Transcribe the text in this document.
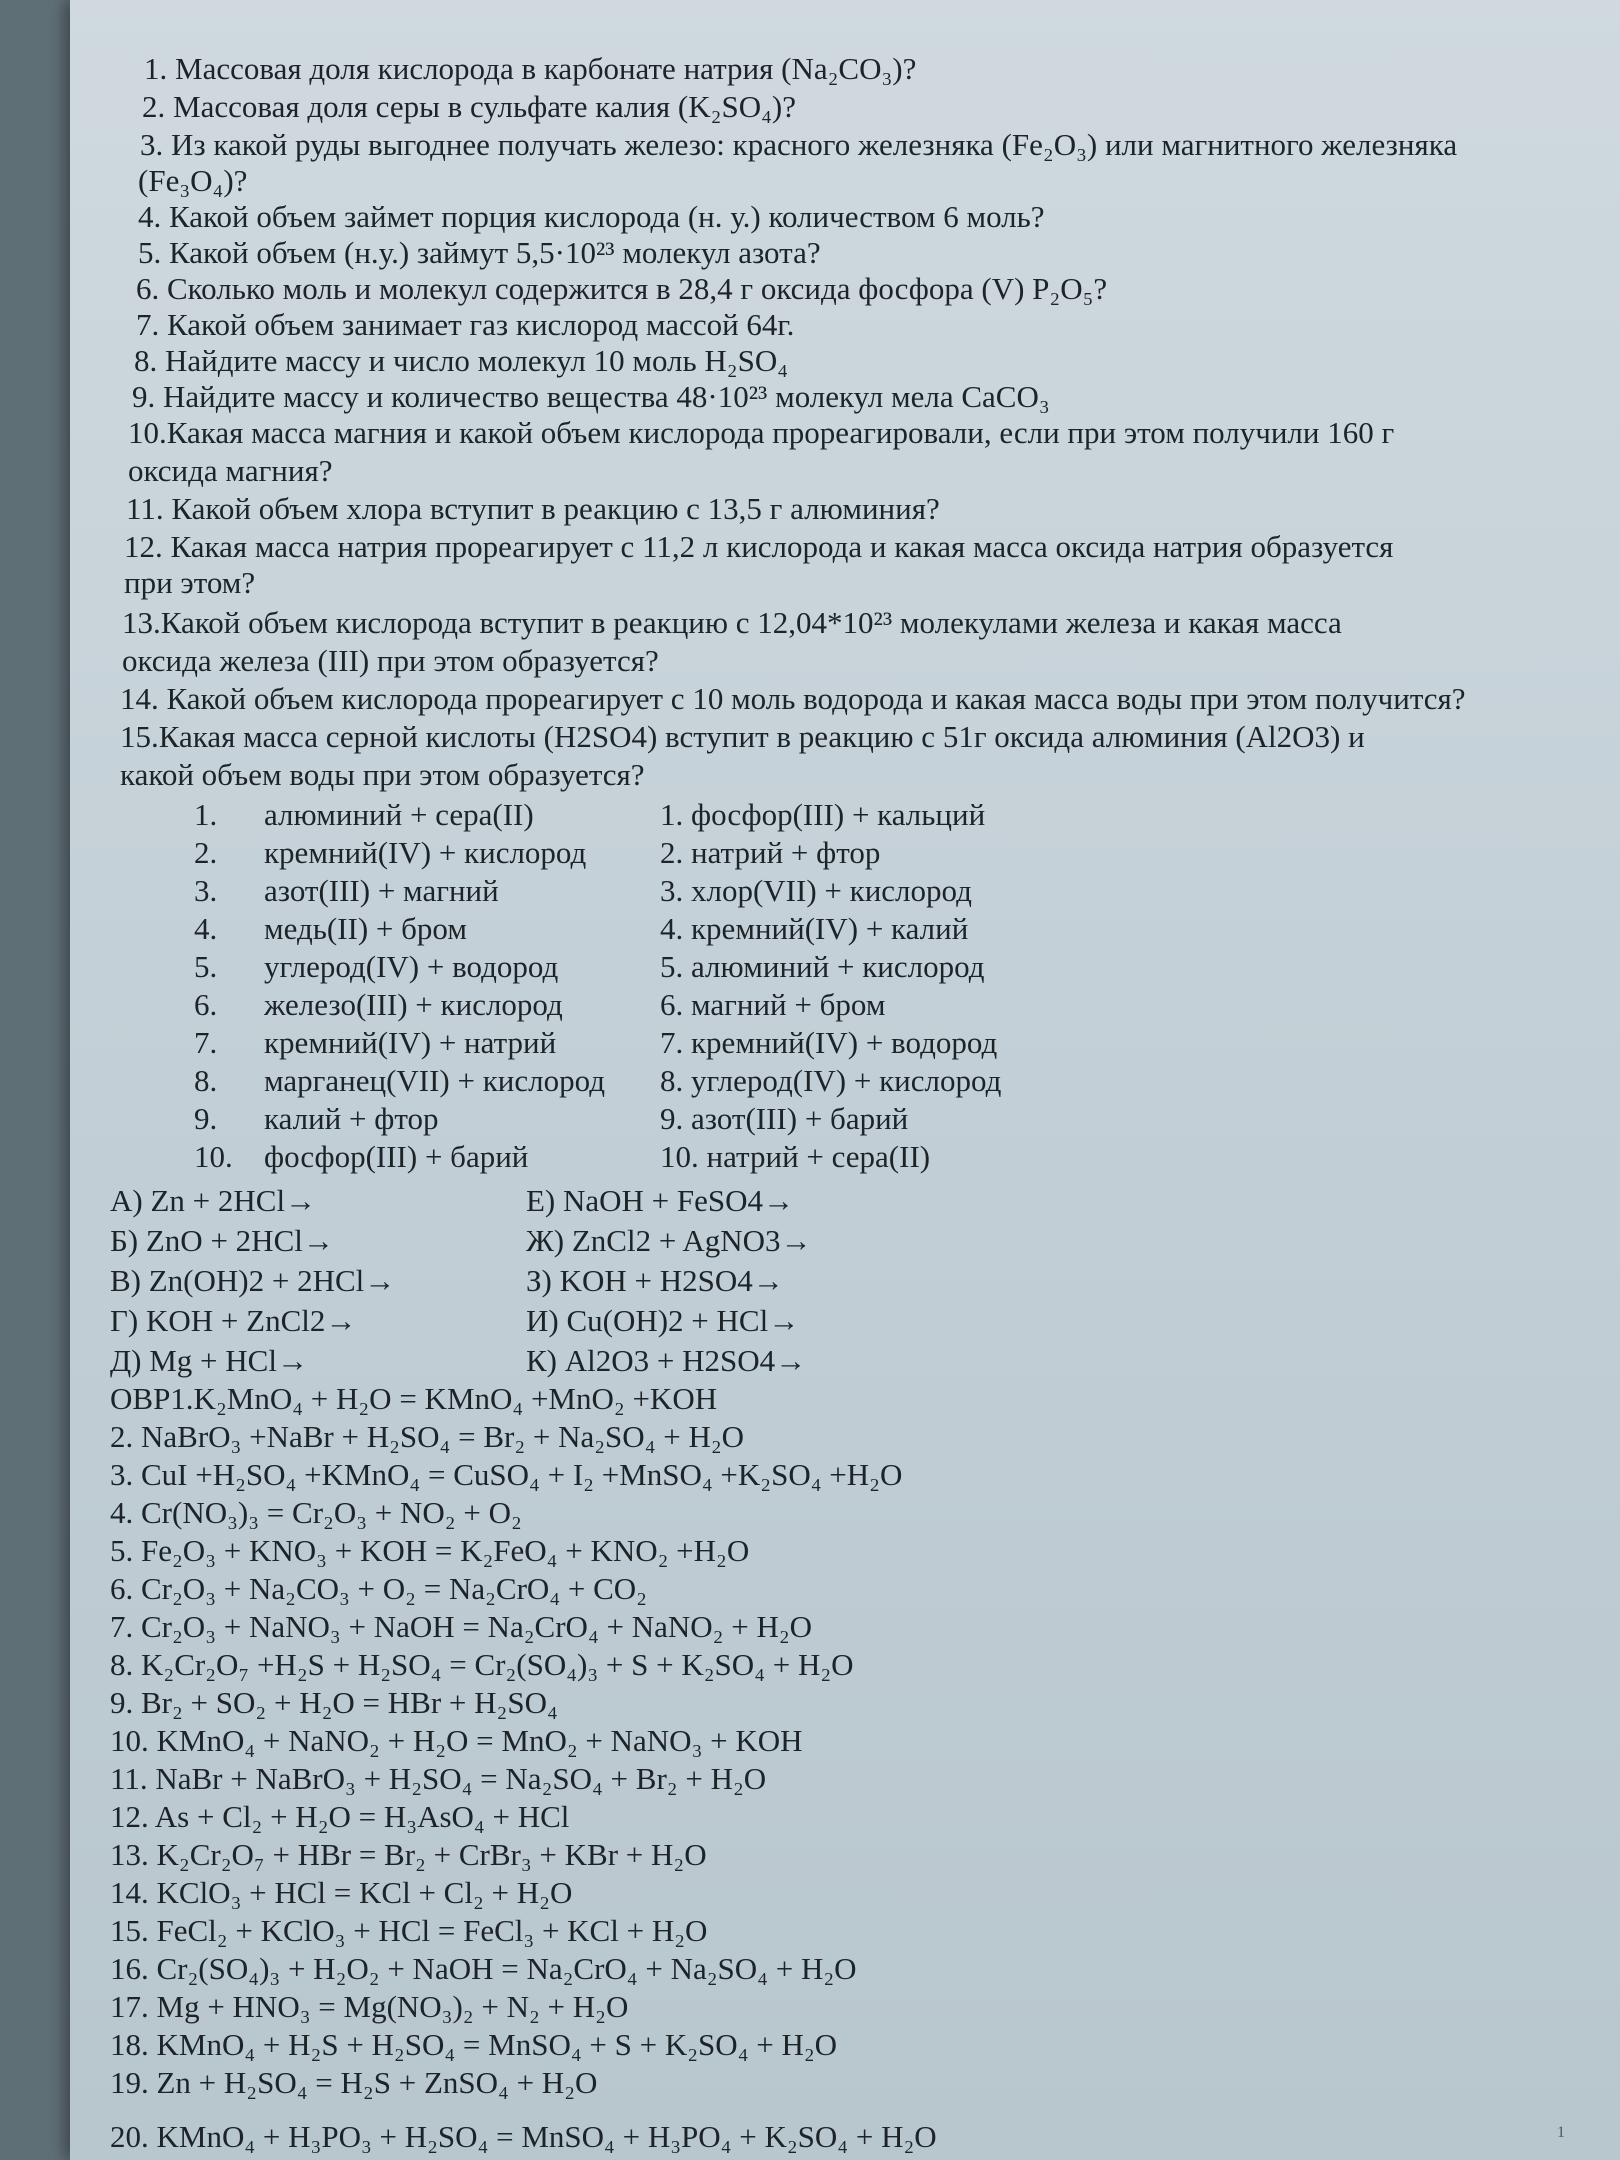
1. Массовая доля кислорода в карбонате натрия (Na₂CO₃)?
2. Массовая доля серы в сульфате калия (K₂SO₄)?
3. Из какой руды выгоднее получать железо: красного железняка (Fe₂O₃) или магнитного железняка
(Fe₃O₄)?
4. Какой объем займет порция кислорода (н. у.) количеством 6 моль?
5. Какой объем (н.у.) займут 5,5·10²³ молекул азота?
6. Сколько моль и молекул содержится в 28,4 г оксида фосфора (V) P₂O₅?
7. Какой объем занимает газ кислород массой 64г.
8. Найдите массу и число молекул 10 моль H₂SO₄
9. Найдите массу и количество вещества 48·10²³ молекул мела CaCO₃
10.Какая масса магния и какой объем кислорода прореагировали, если при этом получили 160 г
оксида магния?
11. Какой объем хлора вступит в реакцию с 13,5 г алюминия?
12. Какая масса натрия прореагирует с 11,2 л кислорода и какая масса оксида натрия образуется
при этом?
13.Какой объем кислорода вступит в реакцию с 12,04*10²³ молекулами железа и какая масса
оксида железа (III) при этом образуется?
14. Какой объем кислорода прореагирует с 10 моль водорода и какая масса воды при этом получится?
15.Какая масса серной кислоты (H2SO4) вступит в реакцию с 51г оксида алюминия (Al2O3) и
какой объем воды при этом образуется?
1. алюминий + сера(II)
2. кремний(IV) + кислород
3. азот(III) + магний
4. медь(II) + бром
5. углерод(IV) + водород
6. железо(III) + кислород
7. кремний(IV) + натрий
8. марганец(VII) + кислород
9. калий + фтор
10. фосфор(III) + барий
1. фосфор(III) + кальций
2. натрий + фтор
3. хлор(VII) + кислород
4. кремний(IV) + калий
5. алюминий + кислород
6. магний + бром
7. кремний(IV) + водород
8. углерод(IV) + кислород
9. азот(III) + барий
10. натрий + сера(II)
А) Zn + 2HCl→
Б) ZnO + 2HCl→
В) Zn(OH)2 + 2HCl→
Г) KOH + ZnCl2→
Д) Mg + HCl→
Е) NaOH + FeSO4→
Ж) ZnCl2 + AgNO3→
З) KOH + H2SO4→
И) Cu(OH)2 + HCl→
К) Al2O3 + H2SO4→
ОВР1.K₂MnO₄ + H₂O = KMnO₄ +MnO₂ +KOH
2. NaBrO₃ +NaBr + H₂SO₄ = Br₂ + Na₂SO₄ + H₂O
3. CuI +H₂SO₄ +KMnO₄ = CuSO₄ + I₂ +MnSO₄ +K₂SO₄ +H₂O
4. Cr(NO₃)₃ = Cr₂O₃ + NO₂ + O₂
5. Fe₂O₃ + KNO₃ + KOH = K₂FeO₄ + KNO₂ +H₂O
6. Cr₂O₃ + Na₂CO₃ + O₂ = Na₂CrO₄ + CO₂
7. Cr₂O₃ + NaNO₃ + NaOH = Na₂CrO₄ + NaNO₂ + H₂O
8. K₂Cr₂O₇ +H₂S + H₂SO₄ = Cr₂(SO₄)₃ + S + K₂SO₄ + H₂O
9. Br₂ + SO₂ + H₂O = HBr + H₂SO₄
10. KMnO₄ + NaNO₂ + H₂O = MnO₂ + NaNO₃ + KOH
11. NaBr + NaBrO₃ + H₂SO₄ = Na₂SO₄ + Br₂ + H₂O
12. As + Cl₂ + H₂O = H₃AsO₄ + HCl
13. K₂Cr₂O₇ + HBr = Br₂ + CrBr₃ + KBr + H₂O
14. KClO₃ + HCl = KCl + Cl₂ + H₂O
15. FeCl₂ + KClO₃ + HCl = FeCl₃ + KCl + H₂O
16. Cr₂(SO₄)₃ + H₂O₂ + NaOH = Na₂CrO₄ + Na₂SO₄ + H₂O
17. Mg + HNO₃ = Mg(NO₃)₂ + N₂ + H₂O
18. KMnO₄ + H₂S + H₂SO₄ = MnSO₄ + S + K₂SO₄ + H₂O
19. Zn + H₂SO₄ = H₂S + ZnSO₄ + H₂O
20. KMnO₄ + H₃PO₃ + H₂SO₄ = MnSO₄ + H₃PO₄ + K₂SO₄ + H₂O	1
